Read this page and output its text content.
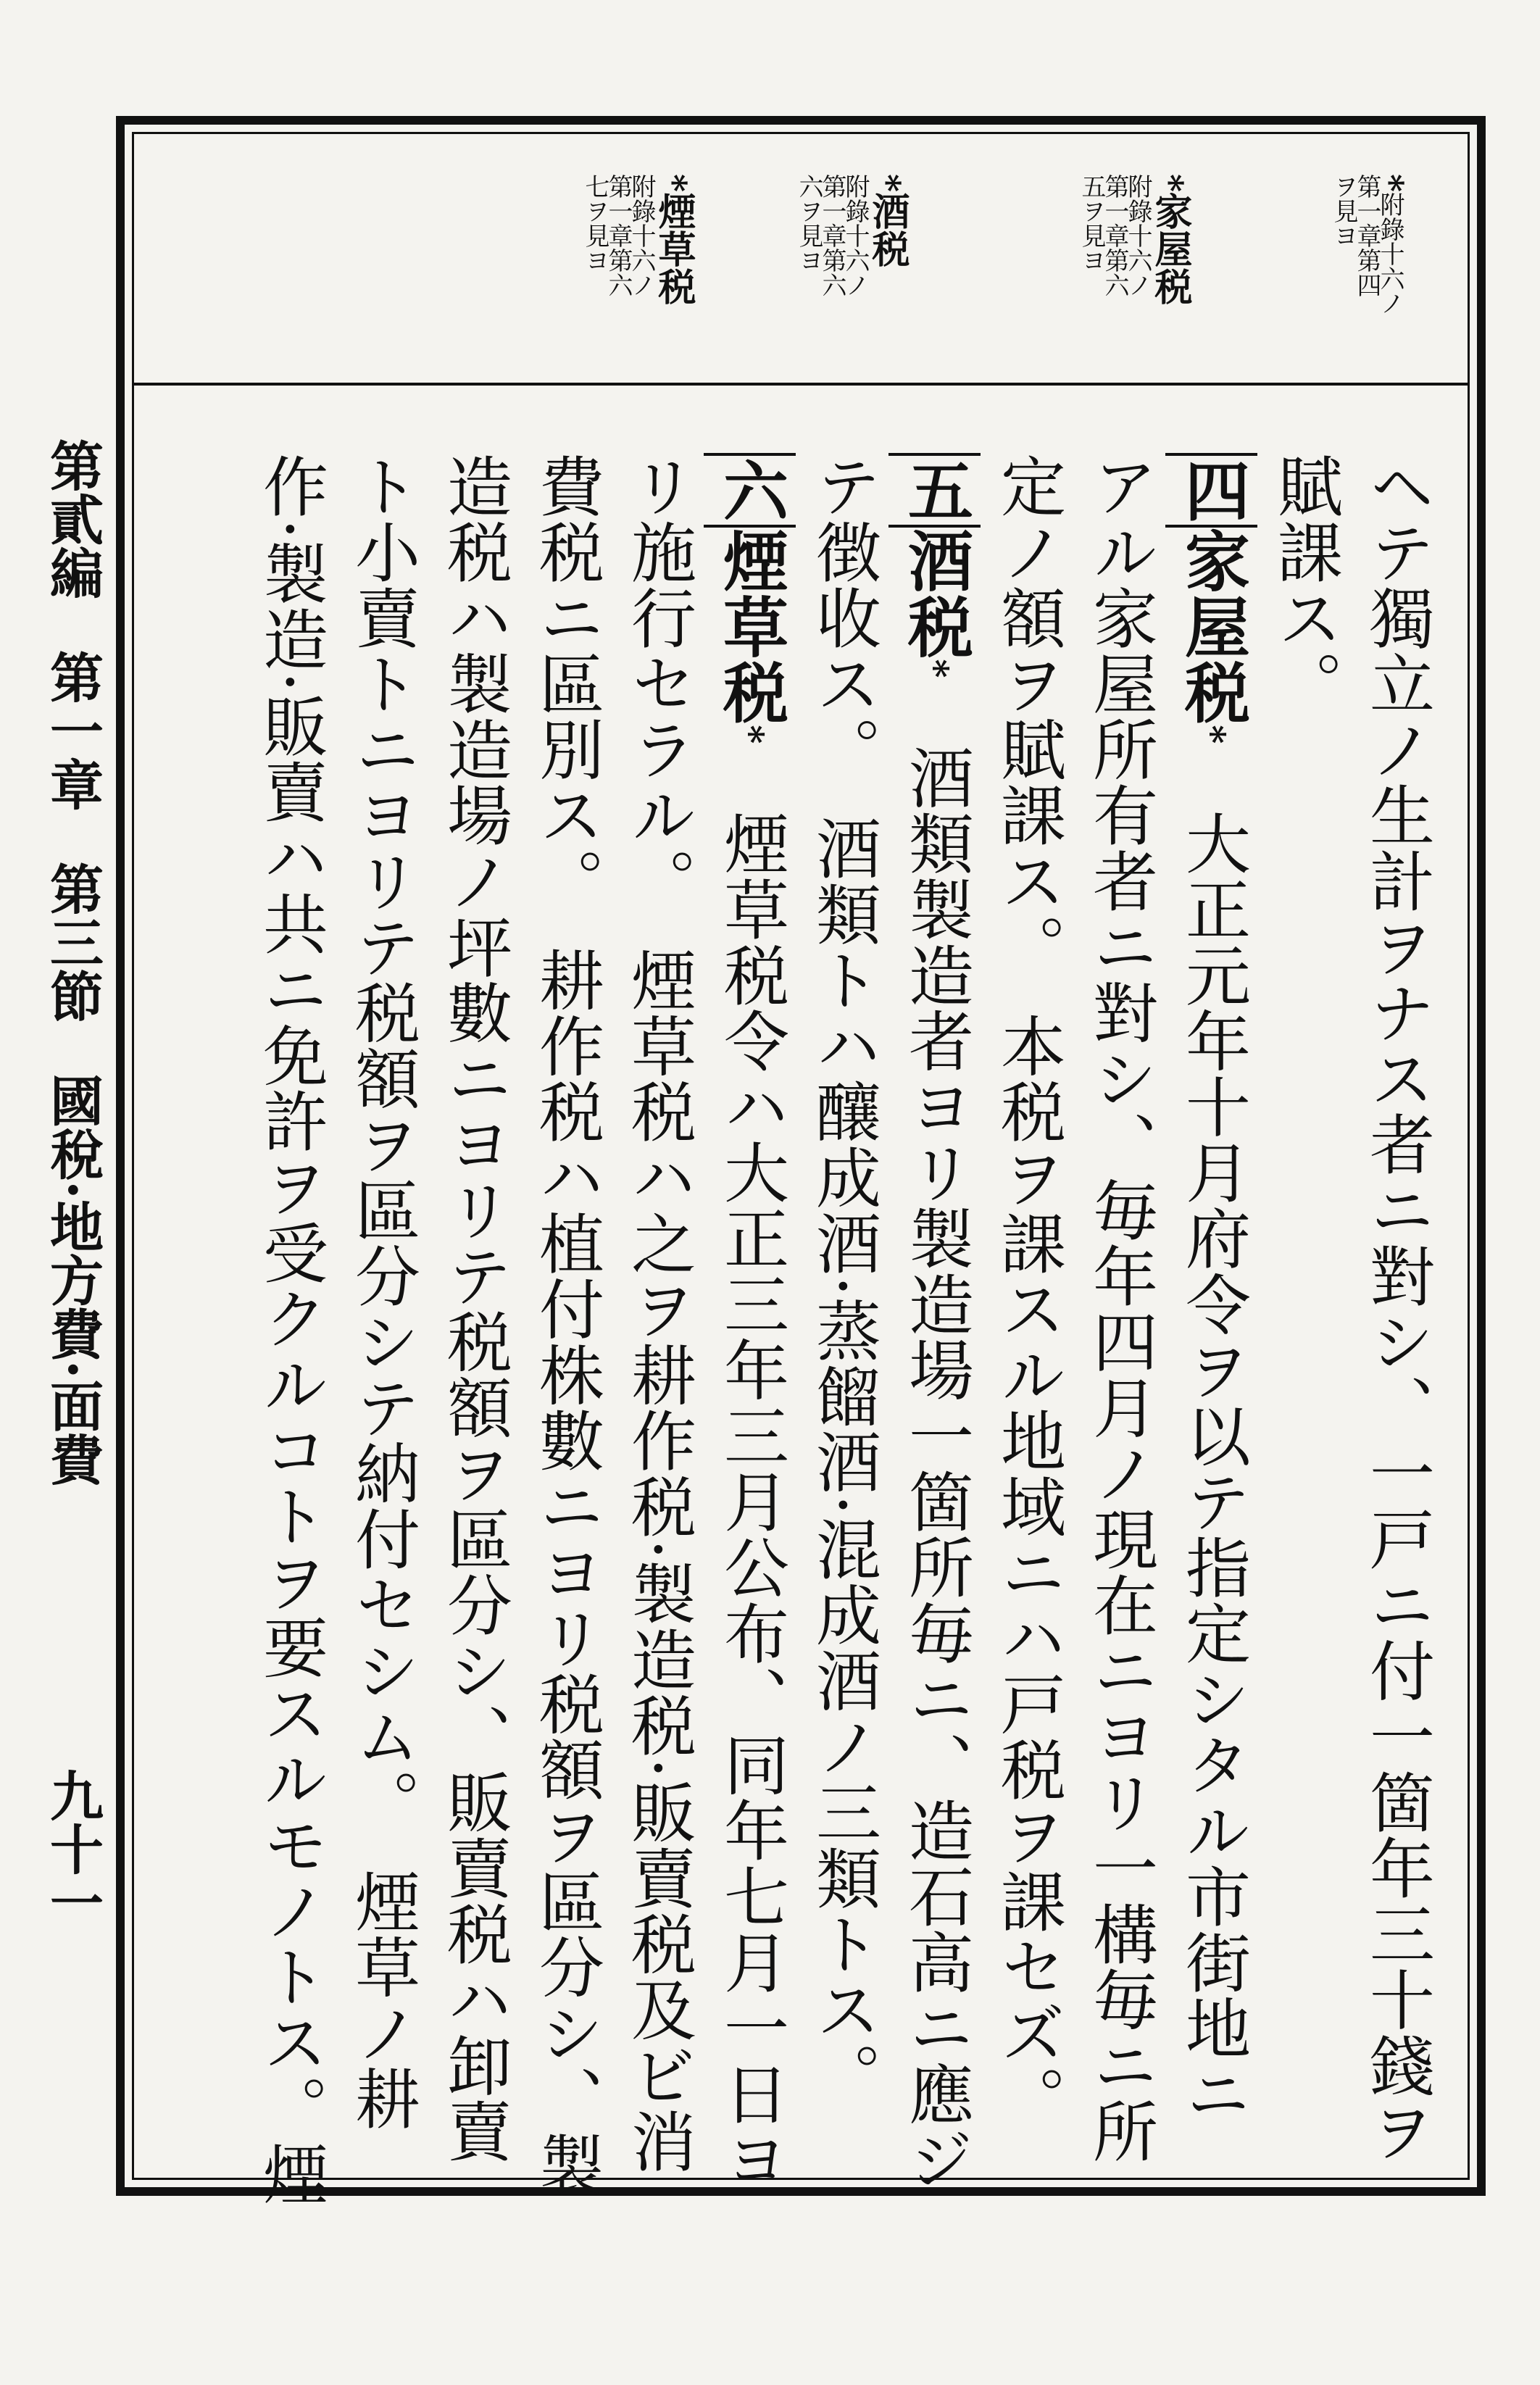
第貳編第一章第三節國稅·地方費·面費
九十一
*附錄十六ノ
第一章第四
ヲ見ヨ
*家屋税
附錄十六ノ
第一章第六
五ヲ見ヨ
*酒税
附錄十六ノ
第一章第六
六ヲ見ヨ
*煙草税
附錄十六ノ
第一章第六
七ヲ見ヨ
ヘテ獨立ノ生計ヲナス者ニ對シ、一戸ニ付一箇年三十錢ヲ
賦課ス。
四家屋税*　大正元年十月府令ヲ以テ指定シタル市街地ニ
アル家屋所有者ニ對シ、毎年四月ノ現在ニヨリ一構毎ニ所
定ノ額ヲ賦課ス。　本税ヲ課スル地域ニハ戸税ヲ課セズ。
五酒税*　酒類製造者ヨリ製造場一箇所毎ニ、造石高ニ應ジ
テ徴收ス。　酒類トハ釀成酒·蒸餾酒·混成酒ノ三類トス。
六煙草税*　煙草税令ハ大正三年三月公布、同年七月一日ヨ
リ施行セラル。　煙草税ハ之ヲ耕作税·製造税·販賣税及ビ消
費税ニ區別ス。　耕作税ハ植付株數ニヨリ税額ヲ區分シ、製
造税ハ製造場ノ坪數ニヨリテ税額ヲ區分シ、販賣税ハ卸賣
ト小賣トニヨリテ税額ヲ區分シテ納付セシム。　煙草ノ耕
作·製造·販賣ハ共ニ免許ヲ受クルコトヲ要スルモノトス。煙
